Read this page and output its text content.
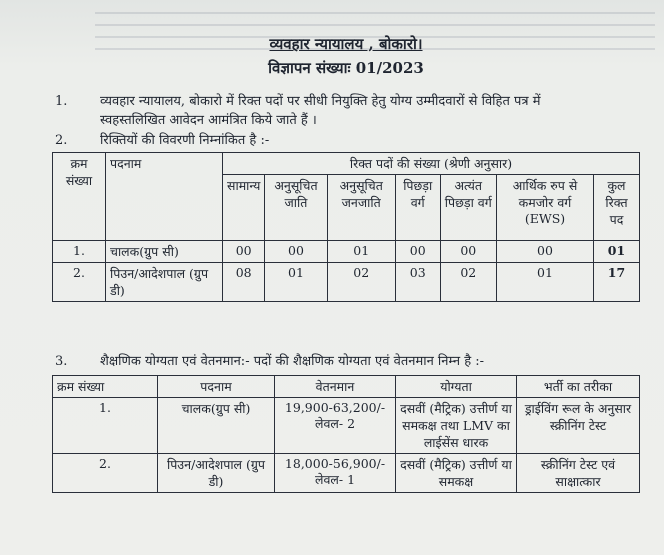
व्यवहार न्यायालय , बोकारो।
विज्ञापन संख्याः 01/2023
1.	व्यवहार न्यायालय, बोकारो में रिक्त पदों पर सीधी नियुक्ति हेतु योग्य उम्मीदवारों से विहित पत्र में
स्वहस्तलिखित आवेदन आमंत्रित किये जाते हैं ।
2.	रिक्तियों की विवरणी निम्नांकित है :-
क्रम संख्या	पदनाम	रिक्त पदों की संख्या (श्रेणी अनुसार)						
		सामान्य	अनुसूचित जाति	अनुसूचित जनजाति	पिछड़ा वर्ग	अत्यंत पिछड़ा वर्ग	आर्थिक रुप से कमजोर वर्ग (EWS)	कुल रिक्त पद
1.	चालक(ग्रुप सी)	00	00	01	00	00	00	01
2.	पिउन/आदेशपाल (ग्रुप डी)	08	01	02	03	02	01	17
3.	शैक्षणिक योग्यता एवं वेतनमान:- पदों की शैक्षणिक योग्यता एवं वेतनमान निम्न है :-
क्रम संख्या	पदनाम	वेतनमान	योग्यता	भर्ती का तरीका
1.	चालक(ग्रुप सी)	19,900-63,200/- लेवल- 2	दसवीं (मैट्रिक) उत्तीर्ण या समकक्ष तथा LMV का लाईसेंस धारक	ड्राईविंग रूल के अनुसार स्क्रीनिंग टेस्ट
2.	पिउन/आदेशपाल (ग्रुप डी)	18,000-56,900/- लेवल- 1	दसवीं (मैट्रिक) उत्तीर्ण या समकक्ष	स्क्रीनिंग टेस्ट एवं साक्षात्कार
